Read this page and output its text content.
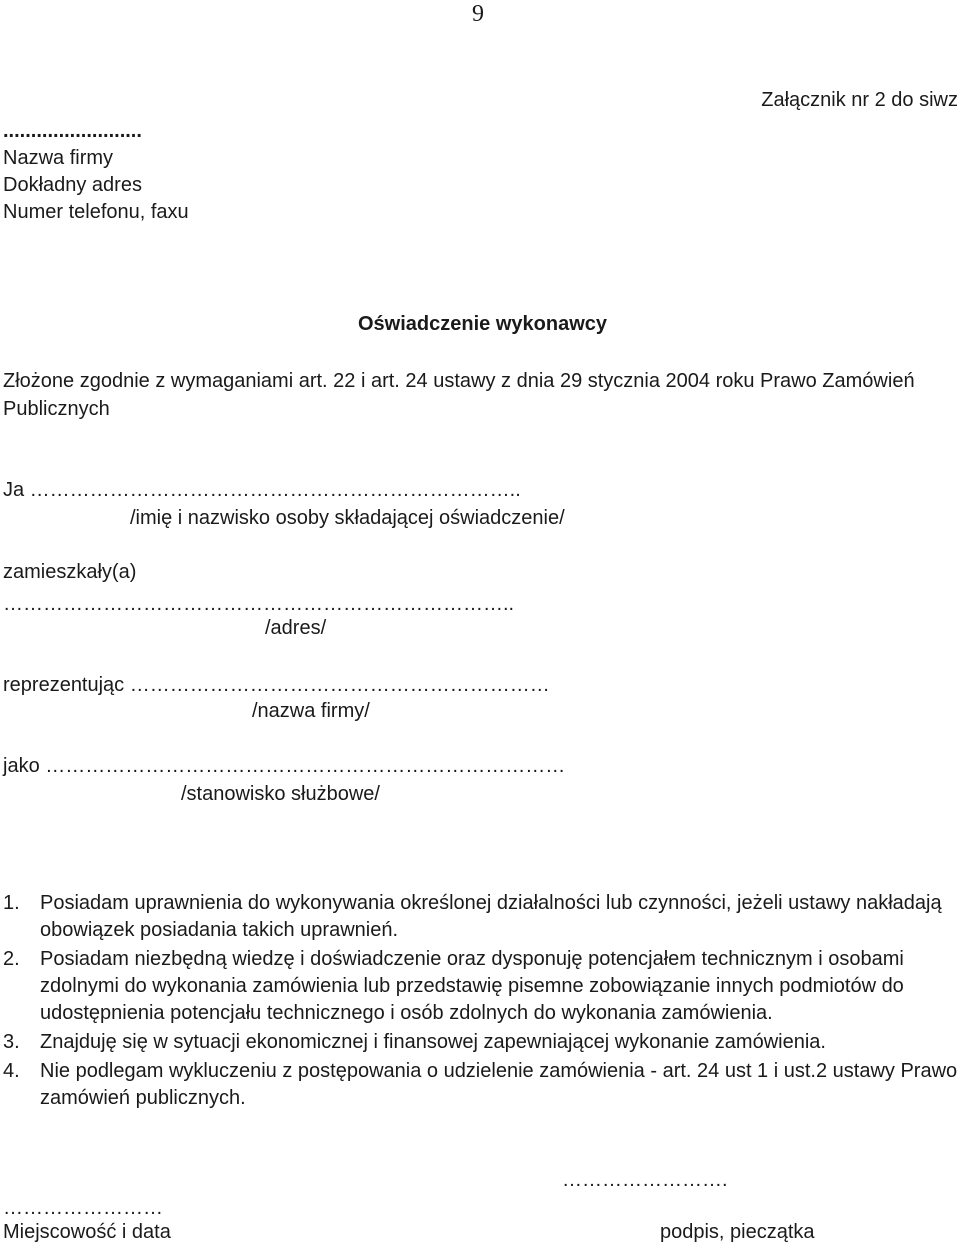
9
Załącznik nr 2 do siwz
.........................
Nazwa firmy
Dokładny adres
Numer telefonu, faxu
Oświadczenie wykonawcy
Złożone zgodnie z wymaganiami art. 22 i art. 24 ustawy z dnia 29 stycznia 2004 roku Prawo Zamówień Publicznych
Ja ………………………………………………………………..
/imię i nazwisko osoby składającej oświadczenie/
zamieszkały(a)
…………………………………………………………………..
/adres/
reprezentując ………………………………………………………
/nazwa firmy/
jako ……………………………………………………………………
/stanowisko służbowe/
1. Posiadam uprawnienia do wykonywania określonej działalności lub czynności, jeżeli ustawy nakładają obowiązek posiadania takich uprawnień.
2. Posiadam niezbędną wiedzę i doświadczenie oraz dysponuję potencjałem technicznym i osobami zdolnymi do wykonania zamówienia lub przedstawię pisemne zobowiązanie innych podmiotów do udostępnienia potencjału technicznego i osób zdolnych do wykonania zamówienia.
3. Znajduję się w sytuacji ekonomicznej i finansowej zapewniającej wykonanie zamówienia.
4. Nie podlegam wykluczeniu z postępowania o udzielenie zamówienia - art. 24 ust 1 i ust.2 ustawy Prawo zamówień publicznych.
…………………….
……………………
Miejscowość i data	podpis, pieczątka
